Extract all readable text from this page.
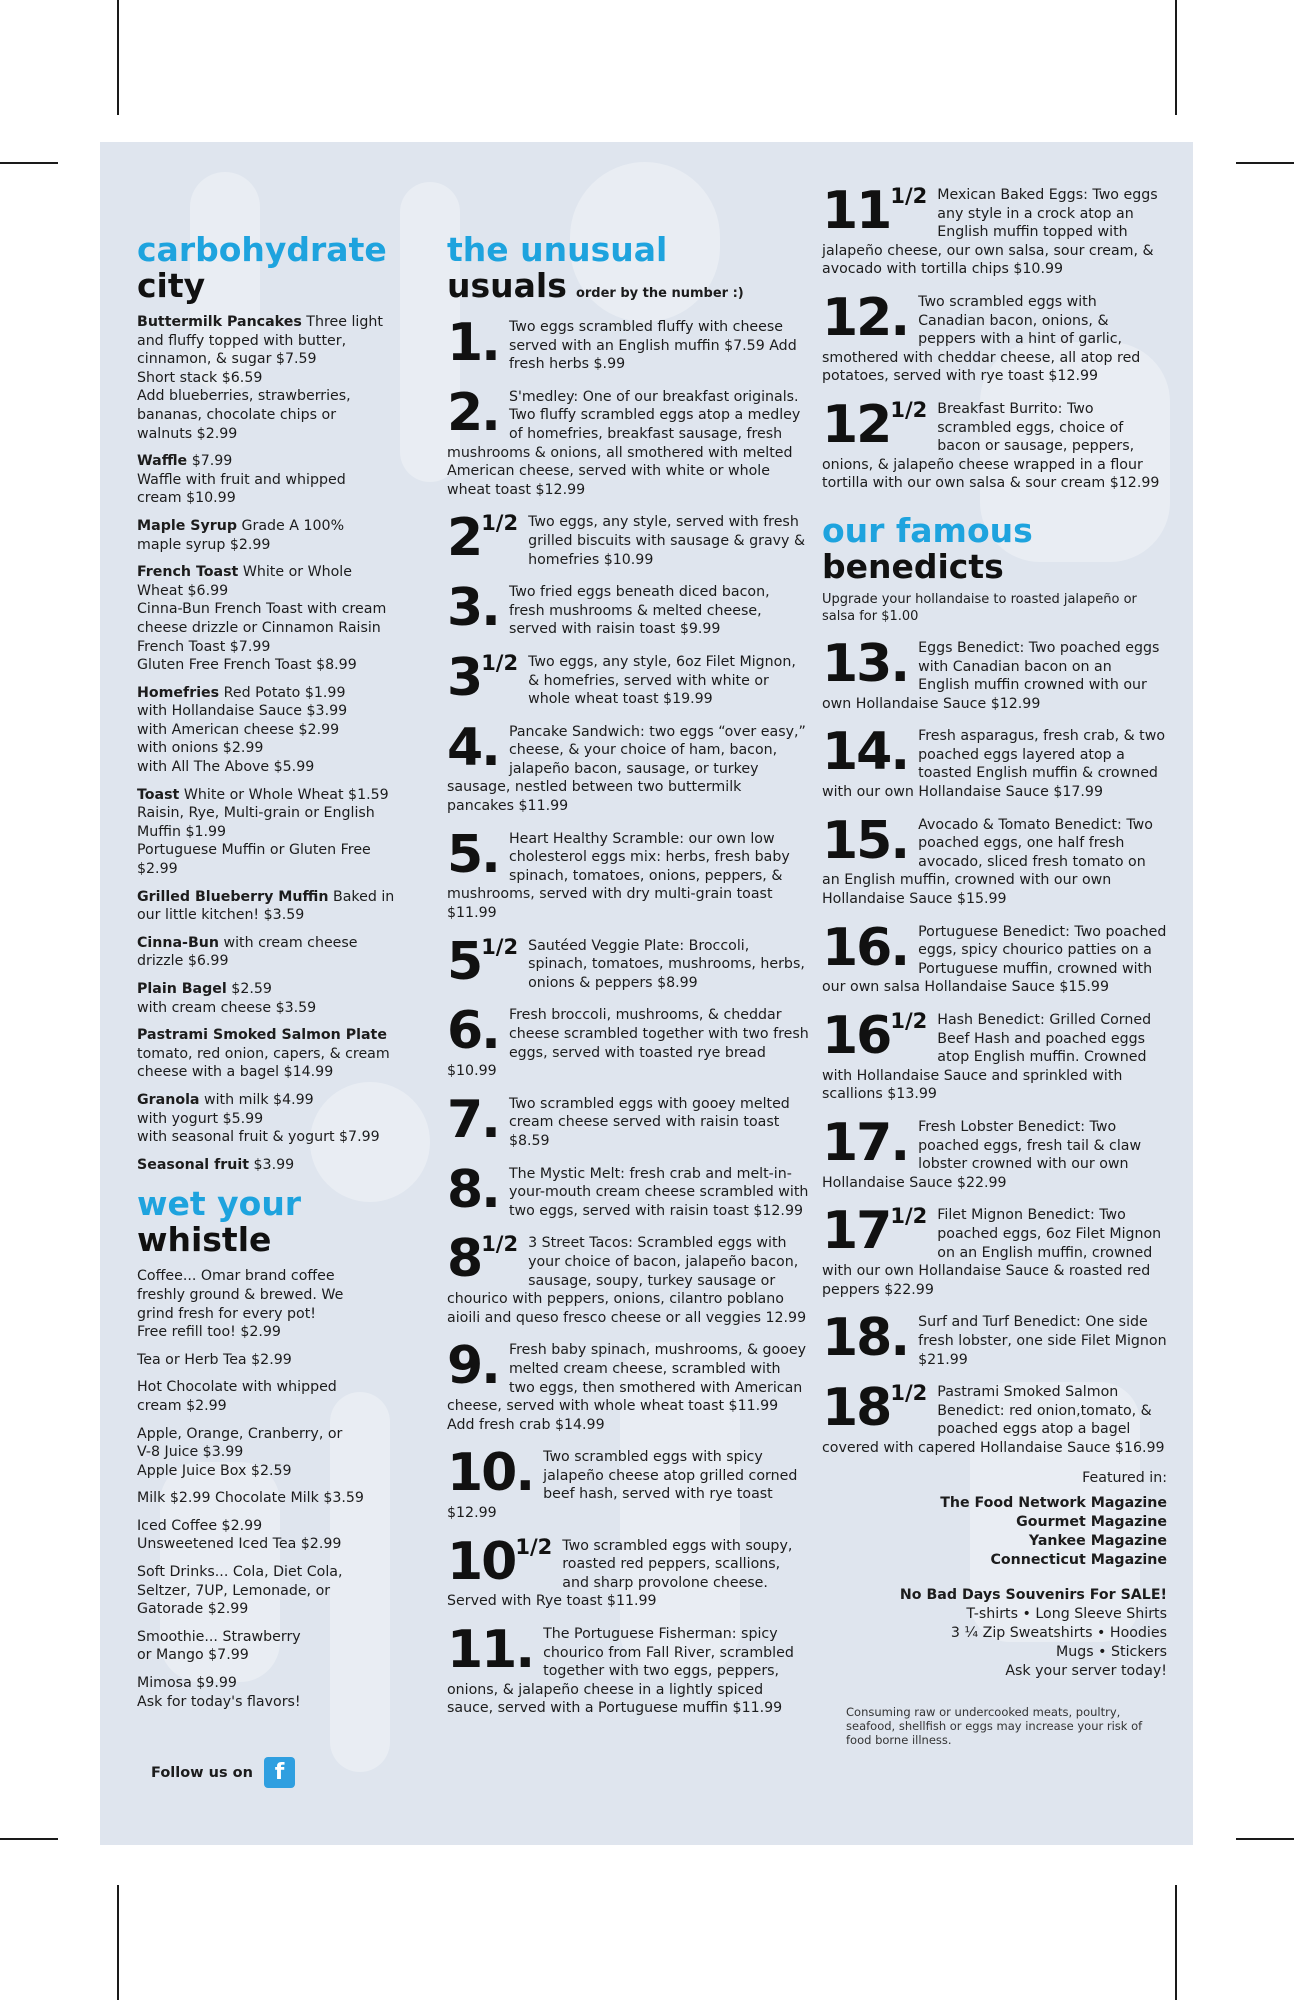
carbohydrate
city
Buttermilk Pancakes Three light
and fluffy topped with butter,
cinnamon, & sugar $7.59
Short stack $6.59
Add blueberries, strawberries,
bananas, chocolate chips or
walnuts $2.99
Waffle $7.99
Waffle with fruit and whipped
cream $10.99
Maple Syrup Grade A 100%
maple syrup $2.99
French Toast White or Whole
Wheat $6.99
Cinna-Bun French Toast with cream
cheese drizzle or Cinnamon Raisin
French Toast $7.99
Gluten Free French Toast $8.99
Homefries Red Potato $1.99
with Hollandaise Sauce $3.99
with American cheese $2.99
with onions $2.99
with All The Above $5.99
Toast White or Whole Wheat $1.59
Raisin, Rye, Multi-grain or English
Muffin $1.99
Portuguese Muffin or Gluten Free
$2.99
Grilled Blueberry Muffin Baked in
our little kitchen! $3.59
Cinna-Bun with cream cheese
drizzle $6.99
Plain Bagel $2.59
with cream cheese $3.59
Pastrami Smoked Salmon Plate
tomato, red onion, capers, & cream
cheese with a bagel $14.99
Granola with milk $4.99
with yogurt $5.99
with seasonal fruit & yogurt $7.99
Seasonal fruit $3.99
wet your
whistle
Coffee... Omar brand coffee
freshly ground & brewed. We
grind fresh for every pot!
Free refill too! $2.99
Tea or Herb Tea $2.99
Hot Chocolate with whipped
cream $2.99
Apple, Orange, Cranberry, or
V-8 Juice $3.99
Apple Juice Box $2.59
Milk $2.99 Chocolate Milk $3.59
Iced Coffee $2.99
Unsweetened Iced Tea $2.99
Soft Drinks... Cola, Diet Cola,
Seltzer, 7UP, Lemonade, or
Gatorade $2.99
Smoothie... Strawberry
or Mango $7.99
Mimosa $9.99
Ask for today's flavors!
Follow us on f
the unusual
usuals order by the number :)
1. Two eggs scrambled fluffy with cheese served with an English muffin $7.59 Add fresh herbs $.99
2. S'medley: One of our breakfast originals. Two fluffy scrambled eggs atop a medley of homefries, breakfast sausage, fresh mushrooms & onions, all smothered with melted American cheese, served with white or whole wheat toast $12.99
$2^{1/2}$ Two eggs, any style, served with fresh grilled biscuits with sausage & gravy & homefries $10.99
3. Two fried eggs beneath diced bacon, fresh mushrooms & melted cheese, served with raisin toast $9.99
$3^{1/2}$ Two eggs, any style, 6oz Filet Mignon, & homefries, served with white or whole wheat toast $19.99
4. Pancake Sandwich: two eggs “over easy,” cheese, & your choice of ham, bacon, jalapeño bacon, sausage, or turkey sausage, nestled between two buttermilk pancakes $11.99
5. Heart Healthy Scramble: our own low cholesterol eggs mix: herbs, fresh baby spinach, tomatoes, onions, peppers, & mushrooms, served with dry multi-grain toast $11.99
$5^{1/2}$ Sautéed Veggie Plate: Broccoli, spinach, tomatoes, mushrooms, herbs, onions & peppers $8.99
6. Fresh broccoli, mushrooms, & cheddar cheese scrambled together with two fresh eggs, served with toasted rye bread $10.99
7. Two scrambled eggs with gooey melted cream cheese served with raisin toast $8.59
8. The Mystic Melt: fresh crab and melt-in-your-mouth cream cheese scrambled with two eggs, served with raisin toast $12.99
$8^{1/2}$ 3 Street Tacos: Scrambled eggs with your choice of bacon, jalapeño bacon, sausage, soupy, turkey sausage or chourico with peppers, onions, cilantro poblano aioili and queso fresco cheese or all veggies 12.99
9. Fresh baby spinach, mushrooms, & gooey melted cream cheese, scrambled with two eggs, then smothered with American cheese, served with whole wheat toast $11.99 Add fresh crab $14.99
10. Two scrambled eggs with spicy jalapeño cheese atop grilled corned beef hash, served with rye toast $12.99
$10^{1/2}$ Two scrambled eggs with soupy, roasted red peppers, scallions, and sharp provolone cheese. Served with Rye toast $11.99
11. The Portuguese Fisherman: spicy chourico from Fall River, scrambled together with two eggs, peppers, onions, & jalapeño cheese in a lightly spiced sauce, served with a Portuguese muffin $11.99
$11^{1/2}$ Mexican Baked Eggs: Two eggs any style in a crock atop an English muffin topped with jalapeño cheese, our own salsa, sour cream, & avocado with tortilla chips $10.99
12. Two scrambled eggs with Canadian bacon, onions, & peppers with a hint of garlic, smothered with cheddar cheese, all atop red potatoes, served with rye toast $12.99
$12^{1/2}$ Breakfast Burrito: Two scrambled eggs, choice of bacon or sausage, peppers, onions, & jalapeño cheese wrapped in a flour tortilla with our own salsa & sour cream $12.99
our famous
benedicts
Upgrade your hollandaise to roasted jalapeño or salsa for $1.00
13. Eggs Benedict: Two poached eggs with Canadian bacon on an English muffin crowned with our own Hollandaise Sauce $12.99
14. Fresh asparagus, fresh crab, & two poached eggs layered atop a toasted English muffin & crowned with our own Hollandaise Sauce $17.99
15. Avocado & Tomato Benedict: Two poached eggs, one half fresh avocado, sliced fresh tomato on an English muffin, crowned with our own Hollandaise Sauce $15.99
16. Portuguese Benedict: Two poached eggs, spicy chourico patties on a Portuguese muffin, crowned with our own salsa Hollandaise Sauce $15.99
$16^{1/2}$ Hash Benedict: Grilled Corned Beef Hash and poached eggs atop English muffin. Crowned with Hollandaise Sauce and sprinkled with scallions $13.99
17. Fresh Lobster Benedict: Two poached eggs, fresh tail & claw lobster crowned with our own Hollandaise Sauce $22.99
$17^{1/2}$ Filet Mignon Benedict: Two poached eggs, 6oz Filet Mignon on an English muffin, crowned with our own Hollandaise Sauce & roasted red peppers $22.99
18. Surf and Turf Benedict: One side fresh lobster, one side Filet Mignon $21.99
$18^{1/2}$ Pastrami Smoked Salmon Benedict: red onion,tomato, & poached eggs atop a bagel covered with capered Hollandaise Sauce $16.99
Featured in:
The Food Network Magazine
Gourmet Magazine
Yankee Magazine
Connecticut Magazine
No Bad Days Souvenirs For SALE!
T-shirts • Long Sleeve Shirts
3 ¼ Zip Sweatshirts • Hoodies
Mugs • Stickers
Ask your server today!
Consuming raw or undercooked meats, poultry, seafood, shellfish or eggs may increase your risk of food borne illness.
